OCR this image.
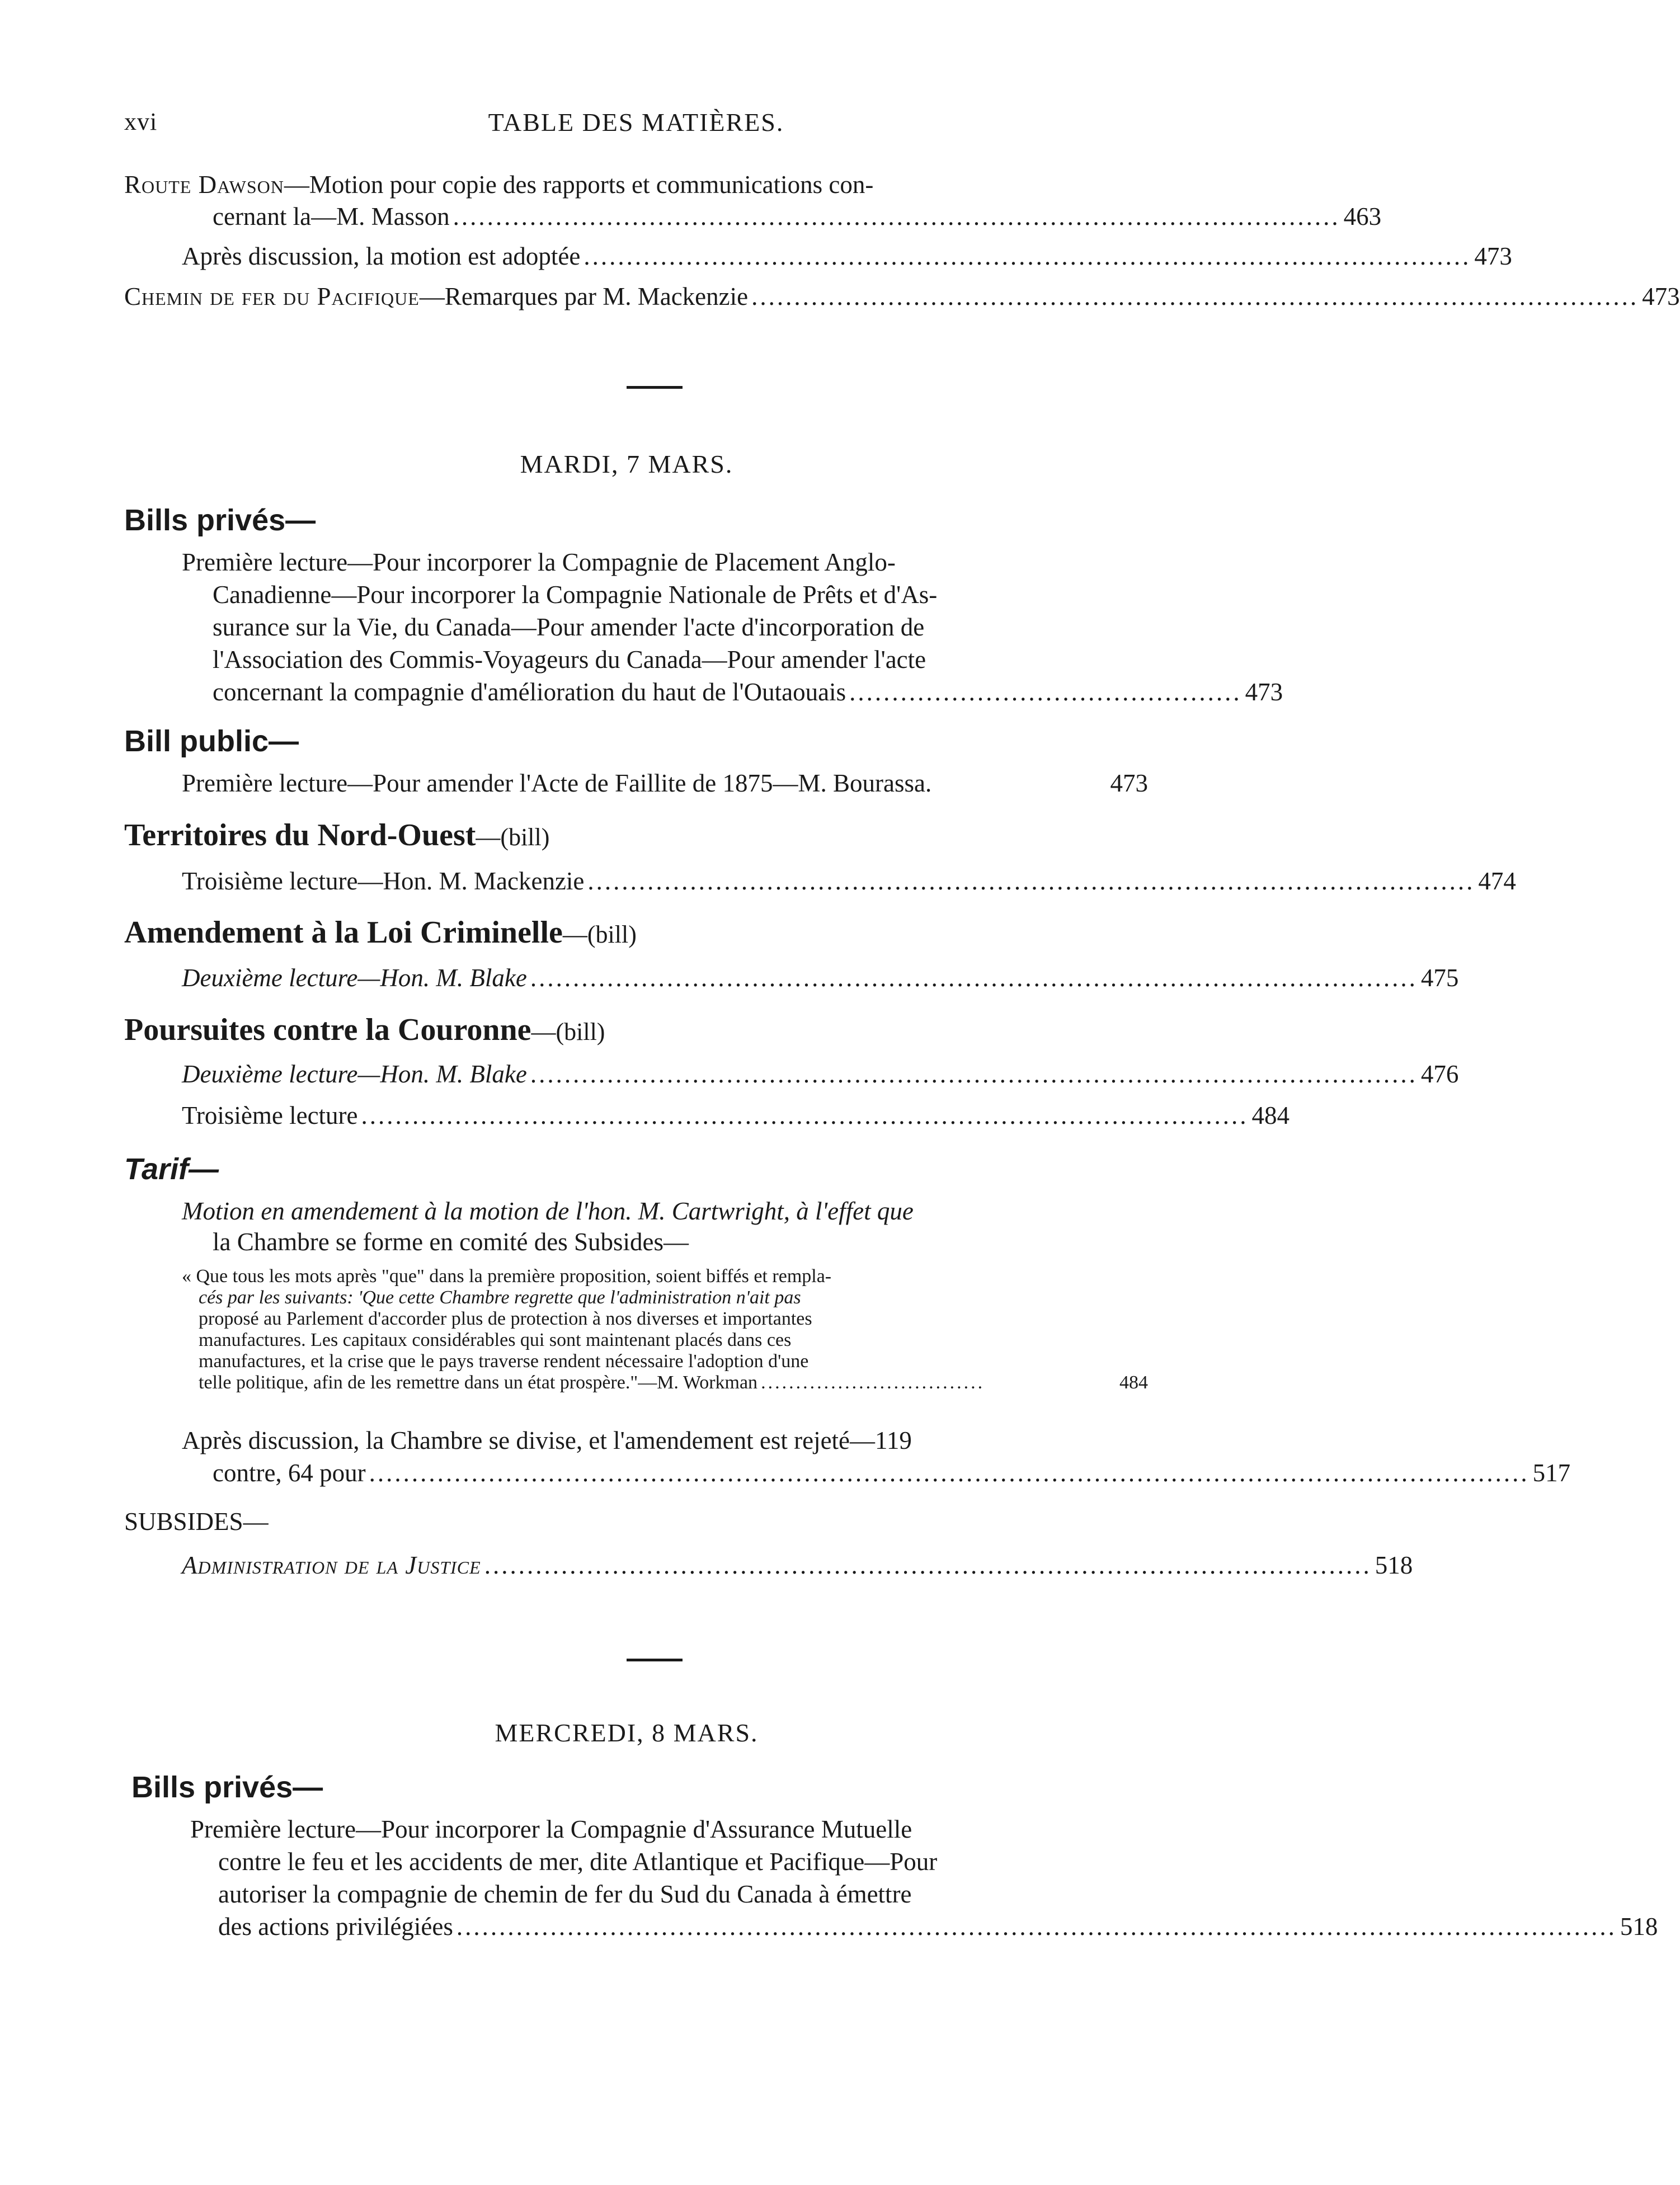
xvi	TABLE DES MATIÈRES.
Route Dawson—Motion pour copie des rapports et communications con-
cernant la—M. Masson ........................................................................................................ 463
Après discussion, la motion est adoptée ........................................................................................................ 473
Chemin de fer du Pacifique—Remarques par M. Mackenzie ........................................................................................................ 473
MARDI, 7 MARS.
Bills privés—
Première lecture—Pour incorporer la Compagnie de Placement Anglo-
Canadienne—Pour incorporer la Compagnie Nationale de Prêts et d'As-
surance sur la Vie, du Canada—Pour amender l'acte d'incorporation de
l'Association des Commis-Voyageurs du Canada—Pour amender l'acte
concernant la compagnie d'amélioration du haut de l'Outaouais .............................................. 473
Bill public—
Première lecture—Pour amender l'Acte de Faillite de 1875—M. Bourassa.	473
Territoires du Nord-Ouest—(bill)
Troisième lecture—Hon. M. Mackenzie ........................................................................................................ 474
Amendement à la Loi Criminelle—(bill)
Deuxième lecture—Hon. M. Blake ........................................................................................................ 475
Poursuites contre la Couronne—(bill)
Deuxième lecture—Hon. M. Blake ........................................................................................................ 476
Troisième lecture ........................................................................................................ 484
Tarif—
Motion en amendement à la motion de l'hon. M. Cartwright, à l'effet que
la Chambre se forme en comité des Subsides—
« Que tous les mots après "que" dans la première proposition, soient biffés et rempla-
cés par les suivants: 'Que cette Chambre regrette que l'administration n'ait pas
proposé au Parlement d'accorder plus de protection à nos diverses et importantes
manufactures. Les capitaux considérables qui sont maintenant placés dans ces
manufactures, et la crise que le pays traverse rendent nécessaire l'adoption d'une
telle politique, afin de les remettre dans un état prospère."—M. Workman ................................	484
Après discussion, la Chambre se divise, et l'amendement est rejeté—119
contre, 64 pour ........................................................................................................................................ 517
SUBSIDES—
Administration de la Justice ........................................................................................................ 518
MERCREDI, 8 MARS.
Bills privés—
Première lecture—Pour incorporer la Compagnie d'Assurance Mutuelle
contre le feu et les accidents de mer, dite Atlantique et Pacifique—Pour
autoriser la compagnie de chemin de fer du Sud du Canada à émettre
des actions privilégiées ........................................................................................................................................ 518
